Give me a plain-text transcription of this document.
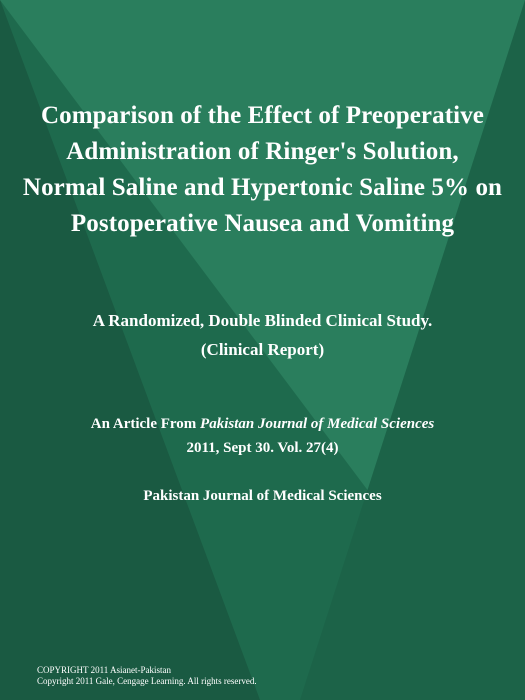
Comparison of the Effect of Preoperative Administration of Ringer's Solution, Normal Saline and Hypertonic Saline 5% on Postoperative Nausea and Vomiting
A Randomized, Double Blinded Clinical Study.
(Clinical Report)
An Article From Pakistan Journal of Medical Sciences
2011, Sept 30. Vol. 27(4)
Pakistan Journal of Medical Sciences
COPYRIGHT 2011 Asianet-Pakistan
Copyright 2011 Gale, Cengage Learning. All rights reserved.
